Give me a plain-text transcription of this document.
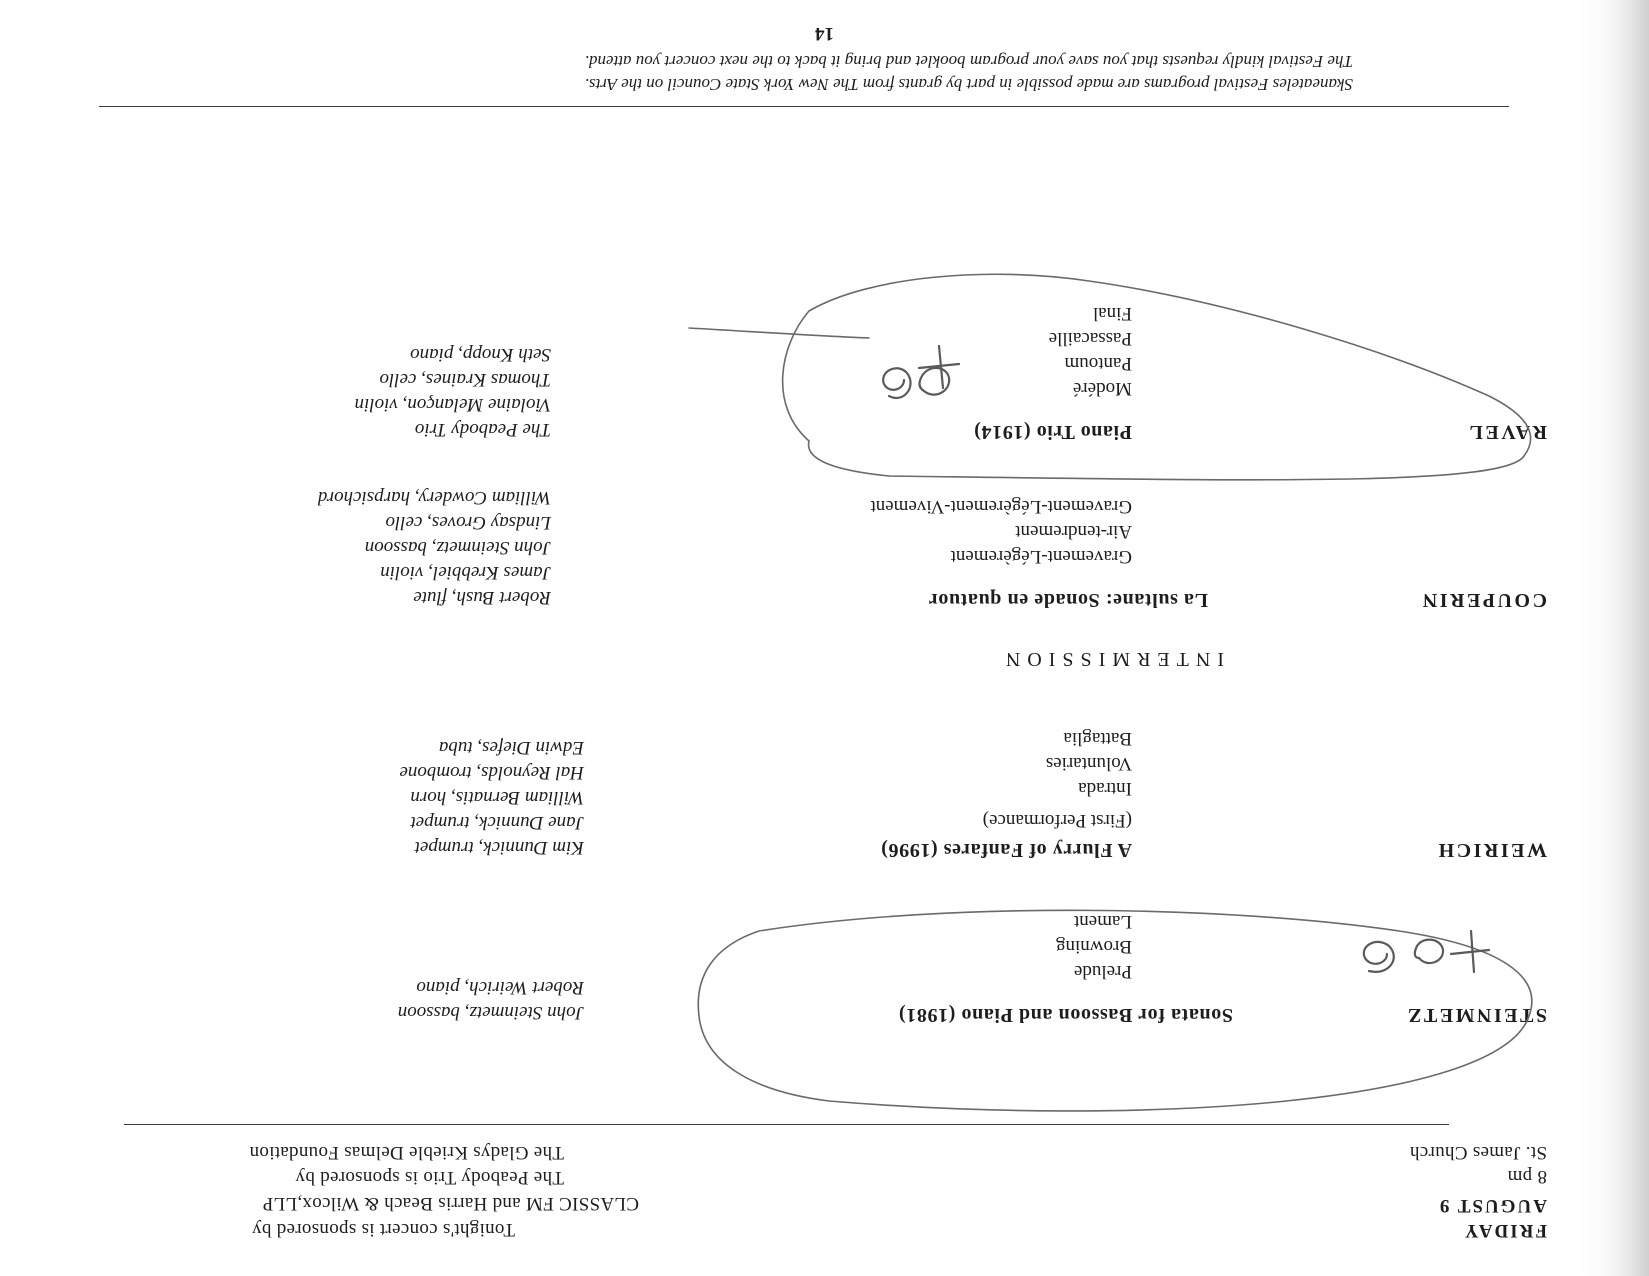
FRIDAY
AUGUST 9
8 pm
St. James Church
Tonight's concert is sponsored by
CLASSIC FM and Harris Beach & Wilcox,LLP
The Peabody Trio is sponsored by
The Gladys Krieble Delmas Foundation
STEINMETZ
Sonata for Bassoon and Piano (1981)
Prelude
Browning
Lament
John Steinmetz, bassoon
Robert Weirich, piano
WEIRICH
A Flurry of Fanfares (1996)
(First Performance)
Intrada
Voluntaries
Battaglia
Kim Dunnick, trumpet
Jane Dunnick, trumpet
William Bernatis, horn
Hal Reynolds, trombone
Edwin Diefes, tuba
INTERMISSION
COUPERIN
La sultane: Sonade en quatuor
Gravement-Légèrement
Air-tendrement
Gravement-Légèrement-Vivement
Robert Bush, flute
James Krebbiel, violin
John Steinmetz, bassoon
Lindsay Groves, cello
William Cowdery, harpsichord
RAVEL
Piano Trio (1914)
Modéré
Pantoum
Passacaille
Final
The Peabody Trio
Violaine Melançon, violin
Thomas Kraines, cello
Seth Knopp, piano
Skaneateles Festival programs are made possible in part by grants from The New York State Council on the Arts.
The Festival kindly requests that you save your program booklet and bring it back to the next concert you attend.
14
